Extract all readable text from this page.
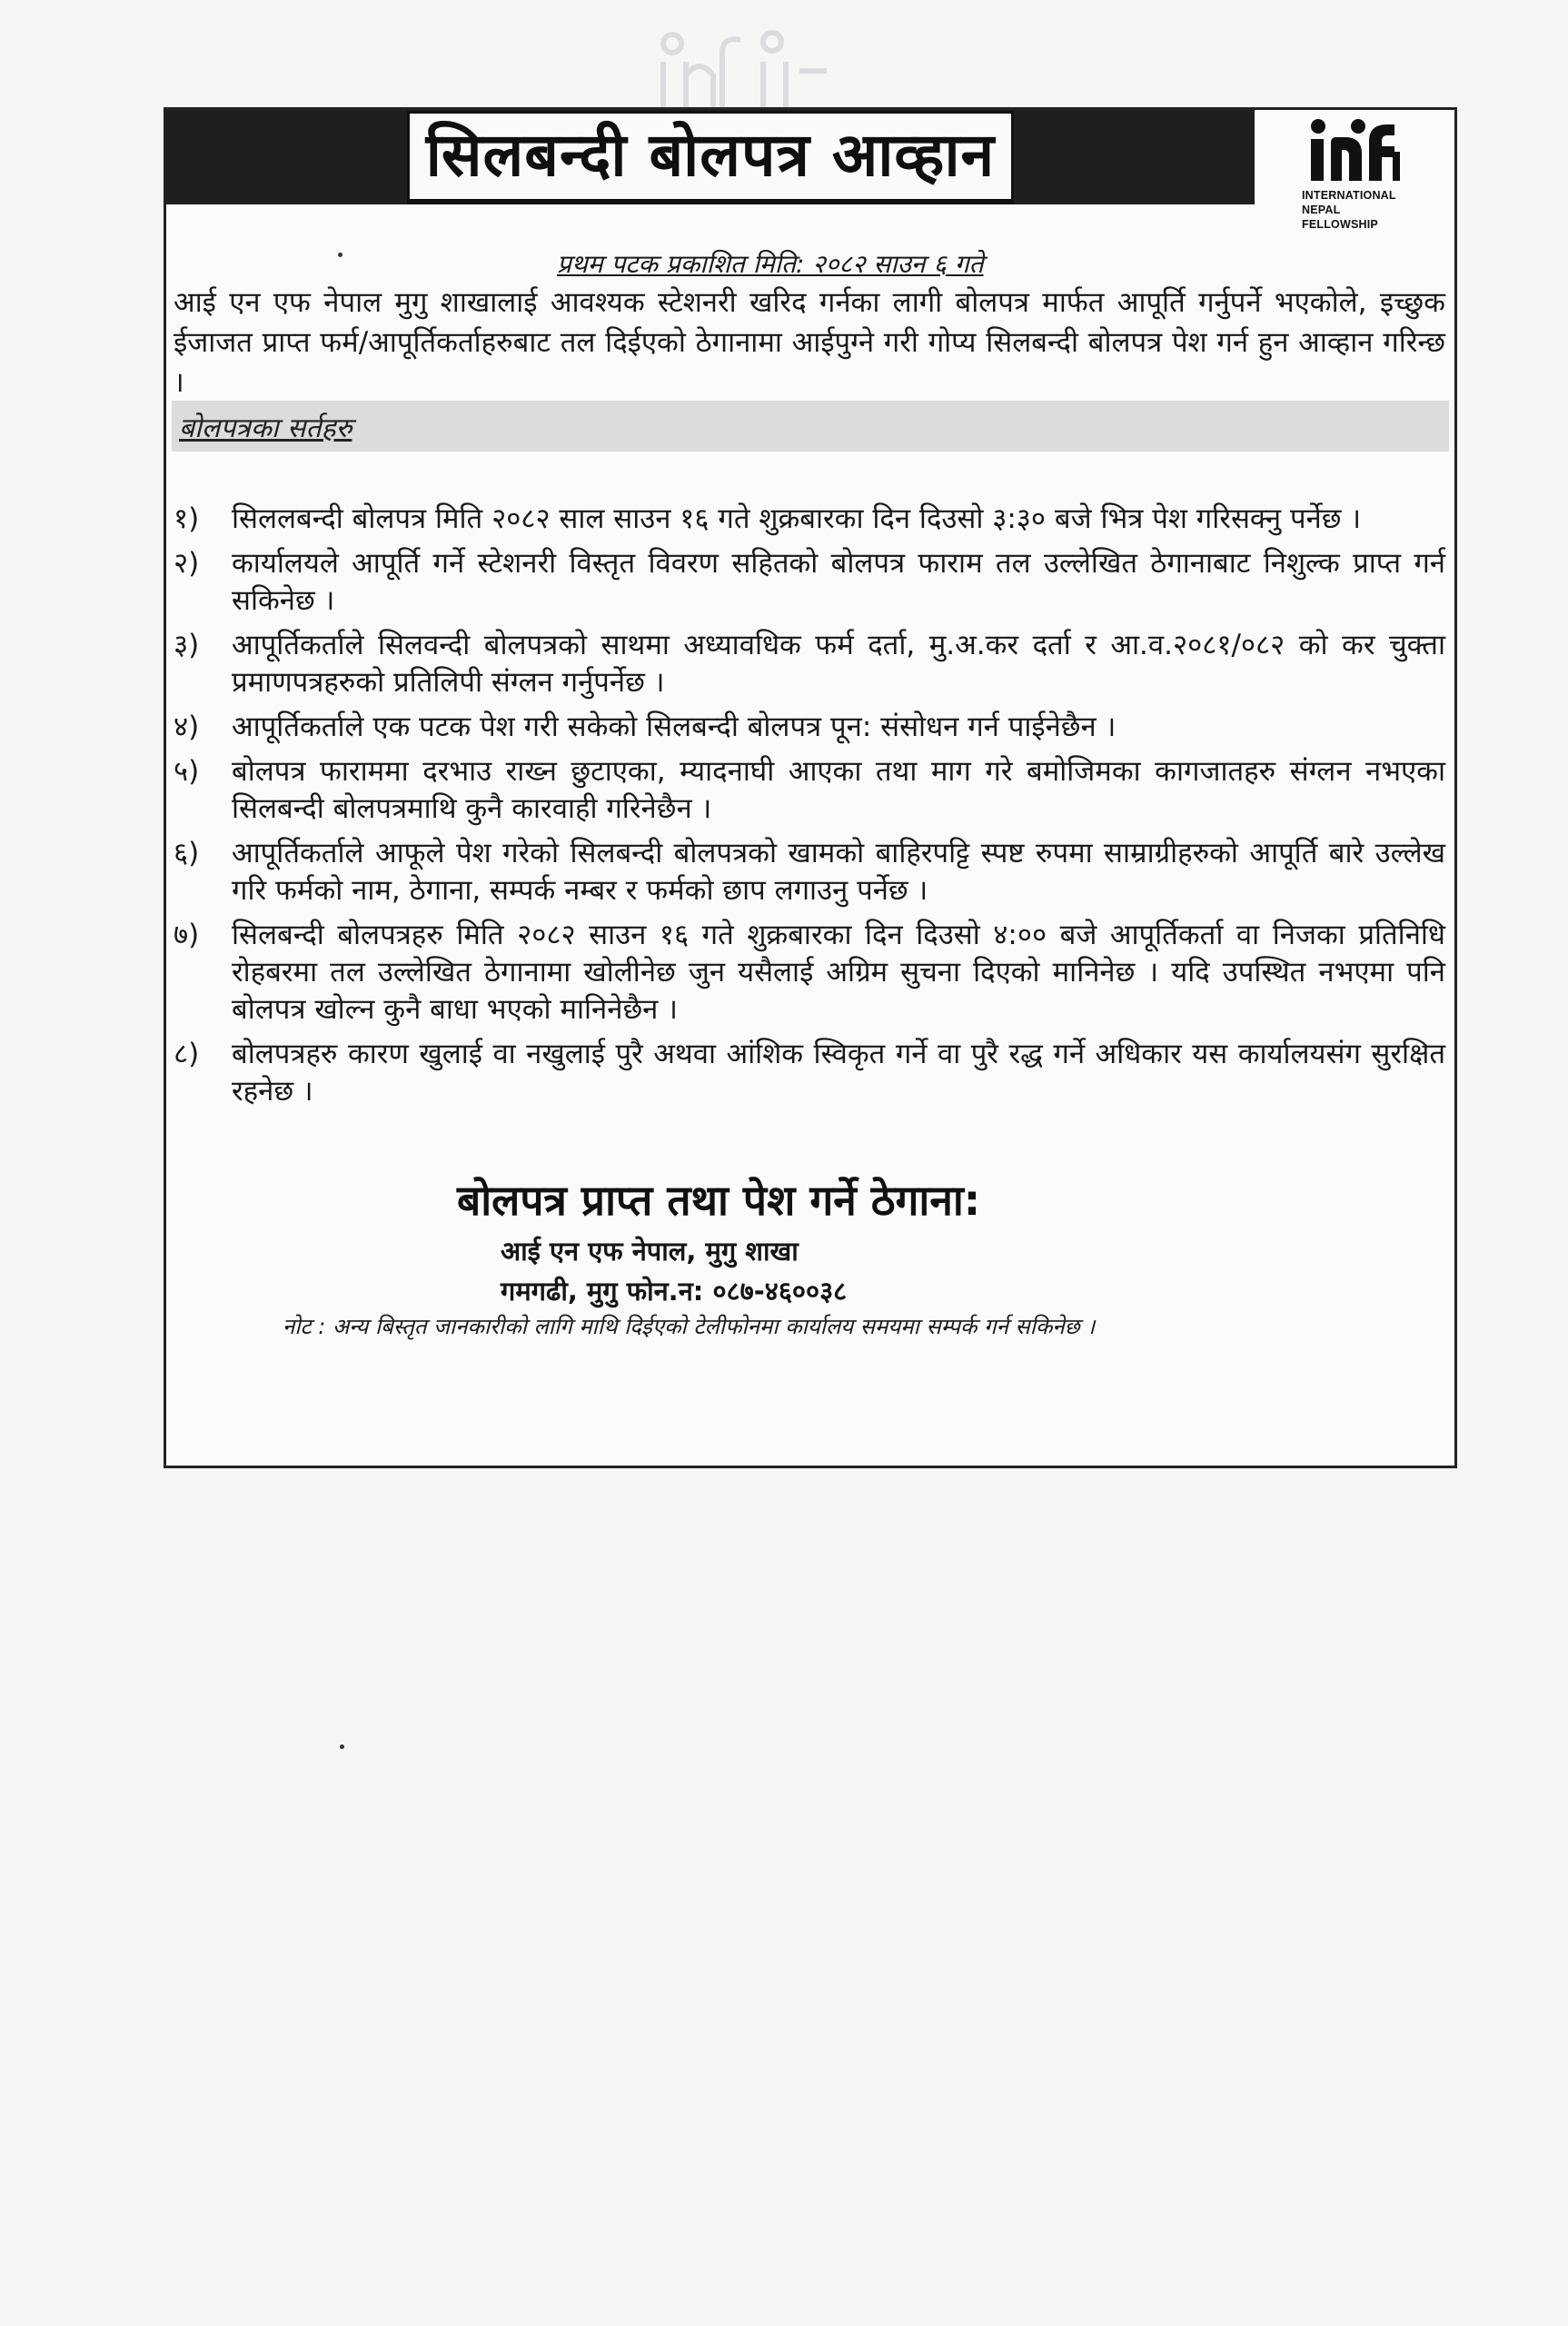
सिलबन्दी बोलपत्र आव्हान
inf
INTERNATIONAL
NEPAL
FELLOWSHIP
प्रथम पटक प्रकाशित मिति: २०८२ साउन ६ गते
आई एन एफ नेपाल मुगु शाखालाई आवश्यक स्टेशनरी खरिद गर्नका लागी बोलपत्र मार्फत आपूर्ति गर्नुपर्ने भएकोले, इच्छुक ईजाजत प्राप्त फर्म/आपूर्तिकर्ताहरुबाट तल दिईएको ठेगानामा आईपुग्ने गरी गोप्य सिलबन्दी बोलपत्र पेश गर्न हुन आव्हान गरिन्छ ।
बोलपत्रका सर्तहरु
१)	सिललबन्दी बोलपत्र मिति २०८२ साल साउन १६ गते शुक्रबारका दिन दिउसो ३:३० बजे भित्र पेश गरिसक्नु पर्नेछ ।
२)	कार्यालयले आपूर्ति गर्ने स्टेशनरी विस्तृत विवरण सहितको बोलपत्र फाराम तल उल्लेखित ठेगानाबाट निशुल्क प्राप्त गर्न सकिनेछ ।
३)	आपूर्तिकर्ताले सिलवन्दी बोलपत्रको साथमा अध्यावधिक फर्म दर्ता, मु.अ.कर दर्ता र आ.व.२०८१/०८२ को कर चुक्ता प्रमाणपत्रहरुको प्रतिलिपी संग्लन गर्नुपर्नेछ ।
४)	आपूर्तिकर्ताले एक पटक पेश गरी सकेको सिलबन्दी बोलपत्र पून: संसोधन गर्न पाईनेछैन ।
५)	बोलपत्र फाराममा दरभाउ राख्न छुटाएका, म्यादनाघी आएका तथा माग गरे बमोजिमका कागजातहरु संग्लन नभएका सिलबन्दी बोलपत्रमाथि कुनै कारवाही गरिनेछैन ।
६)	आपूर्तिकर्ताले आफूले पेश गरेको सिलबन्दी बोलपत्रको खामको बाहिरपट्टि स्पष्ट रुपमा साम्राग्रीहरुको आपूर्ति बारे उल्लेख गरि फर्मको नाम, ठेगाना, सम्पर्क नम्बर र फर्मको छाप लगाउनु पर्नेछ ।
७)	सिलबन्दी बोलपत्रहरु मिति २०८२ साउन १६ गते शुक्रबारका दिन दिउसो ४:०० बजे आपूर्तिकर्ता वा निजका प्रतिनिधि रोहबरमा तल उल्लेखित ठेगानामा खोलीनेछ जुन यसैलाई अग्रिम सुचना दिएको मानिनेछ । यदि उपस्थित नभएमा पनि बोलपत्र खोल्न कुनै बाधा भएको मानिनेछैन ।
८)	बोलपत्रहरु कारण खुलाई वा नखुलाई पुरै अथवा आंशिक स्विकृत गर्ने वा पुरै रद्ध गर्ने अधिकार यस कार्यालयसंग सुरक्षित रहनेछ ।
बोलपत्र प्राप्त तथा पेश गर्ने ठेगाना:
आई एन एफ नेपाल, मुगु शाखा
गमगढी, मुगु फोन.न: ०८७-४६००३८
नोट : अन्य बिस्तृत जानकारीको लागि माथि दिईएको टेलीफोनमा कार्यालय समयमा सम्पर्क गर्न सकिनेछ ।
